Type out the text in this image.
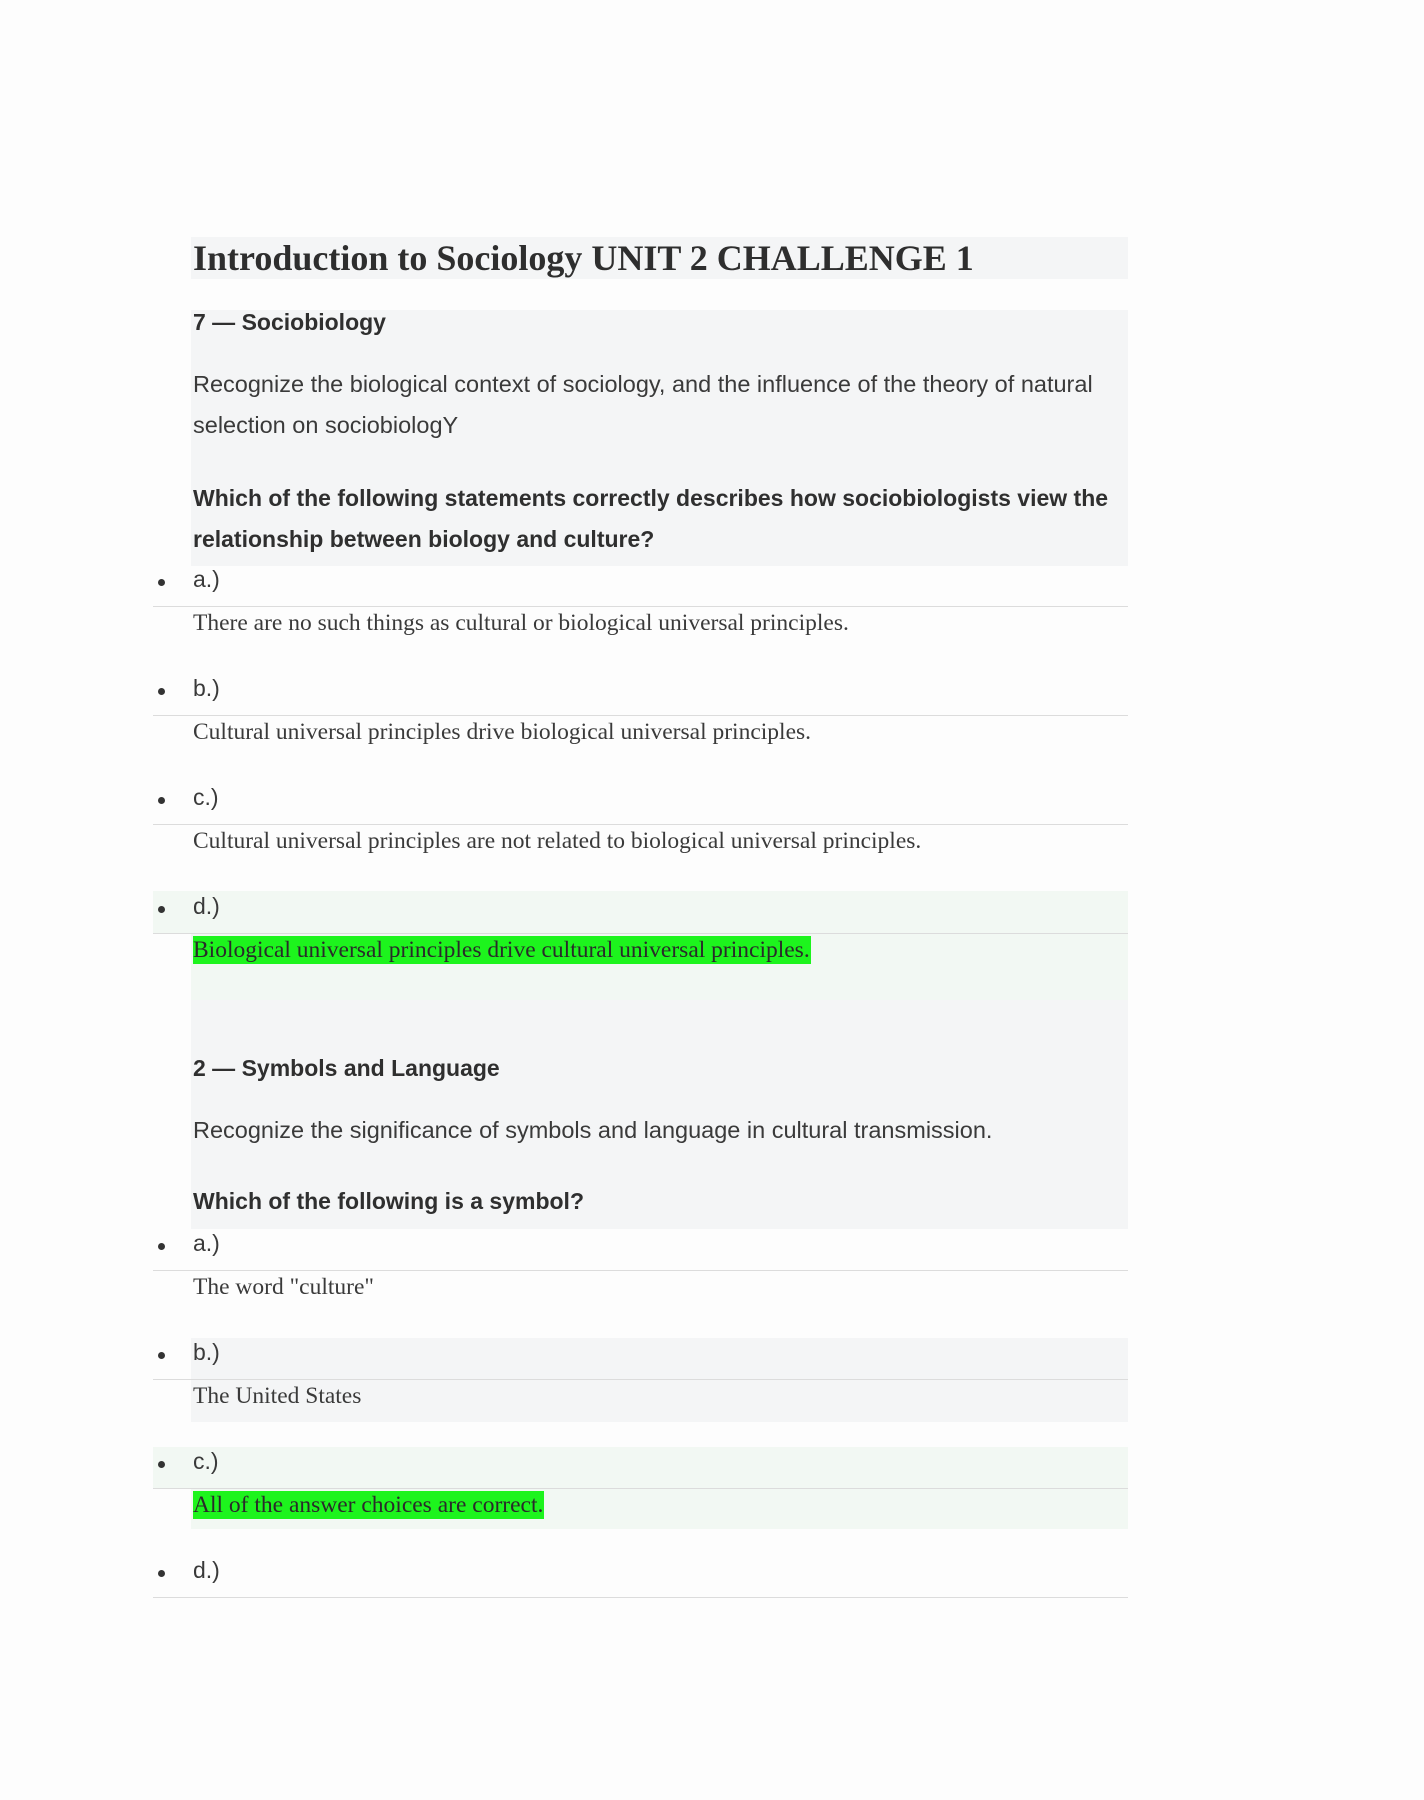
Introduction to Sociology UNIT 2 CHALLENGE 1
7 — Sociobiology
Recognize the biological context of sociology, and the influence of the theory of natural selection on sociobiologY
Which of the following statements correctly describes how sociobiologists view the relationship between biology and culture?
a.)
There are no such things as cultural or biological universal principles.
b.)
Cultural universal principles drive biological universal principles.
c.)
Cultural universal principles are not related to biological universal principles.
d.)
Biological universal principles drive cultural universal principles.
2 — Symbols and Language
Recognize the significance of symbols and language in cultural transmission.
Which of the following is a symbol?
a.)
The word "culture"
b.)
The United States
c.)
All of the answer choices are correct.
d.)
